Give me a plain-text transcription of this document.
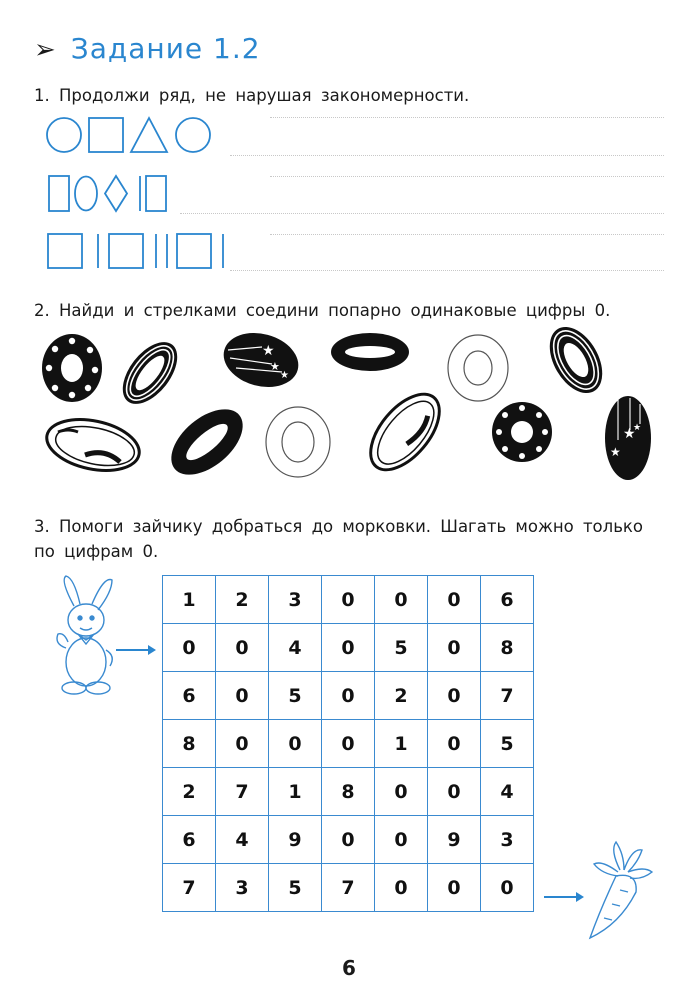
➢ Задание 1.2
1. Продолжи ряд, не нарушая закономерности.
2. Найди и стрелками соедини попарно одинаковые цифры 0.
★
★
★
★
★
★
3. Помоги зайчику добраться до морковки. Шагать можно только
по цифрам 0.
1	2	3	0	0	0	6
0	0	4	0	5	0	8
6	0	5	0	2	0	7
8	0	0	0	1	0	5
2	7	1	8	0	0	4
6	4	9	0	0	9	3
7	3	5	7	0	0	0
6
